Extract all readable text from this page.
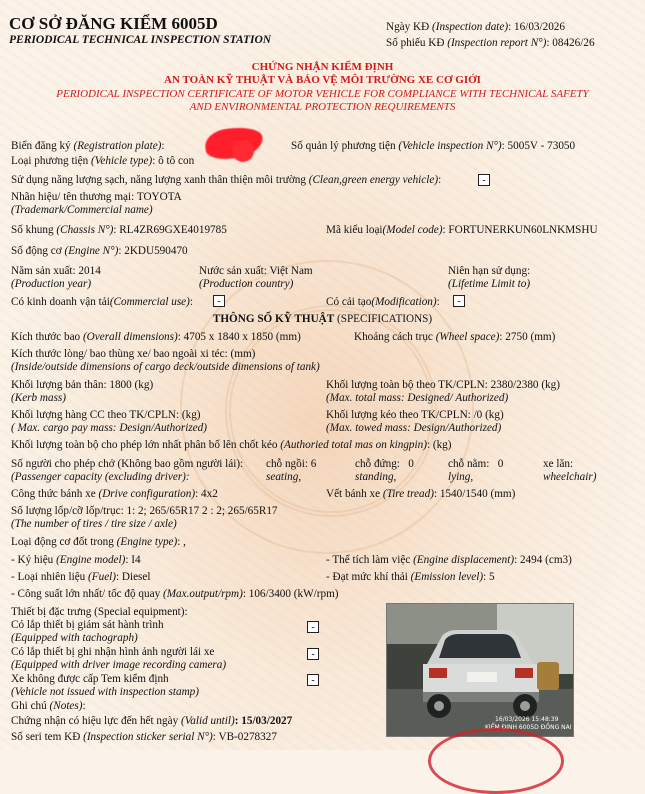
CƠ SỞ ĐĂNG KIỂM 6005D
PERIODICAL TECHNICAL INSPECTION STATION
Ngày KĐ (Inspection date): 16/03/2026
Số phiếu KĐ (Inspection report N°): 08426/26
CHỨNG NHẬN KIỂM ĐỊNH
AN TOÀN KỸ THUẬT VÀ BẢO VỆ MÔI TRƯỜNG XE CƠ GIỚI
PERIODICAL INSPECTION CERTIFICATE OF MOTOR VEHICLE FOR COMPLIANCE WITH TECHNICAL SAFETY
AND ENVIRONMENTAL PROTECTION REQUIREMENTS
Biển đăng ký (Registration plate):	Số quản lý phương tiện (Vehicle inspection N°): 5005V - 73050
Loại phương tiện (Vehicle type): ô tô con
Sử dụng năng lượng sạch, năng lượng xanh thân thiện môi trường (Clean,green energy vehicle):	-
Nhãn hiệu/ tên thương mại: TOYOTA
(Trademark/Commercial name)
Số khung (Chassis N°): RL4ZR69GXE4019785	Mã kiểu loại(Model code): FORTUNERKUN60LNKMSHU
Số động cơ (Engine N°): 2KDU590470
Năm sản xuất: 2014
(Production year)
Nước sản xuất: Việt Nam
(Production country)
Niên hạn sử dụng:
(Lifetime Limit to)
Có kinh doanh vận tải(Commercial use):	-	Có cải tạo(Modification):	-
THÔNG SỐ KỸ THUẬT (SPECIFICATIONS)
Kích thước bao (Overall dimensions): 4705 x 1840 x 1850 (mm)	Khoảng cách trục (Wheel space): 2750 (mm)
Kích thước lòng/ bao thùng xe/ bao ngoài xi téc: (mm)
(Inside/outside dimensions of cargo deck/outside dimensions of tank)
Khối lượng bản thân: 1800 (kg)
(Kerb mass)
Khối lượng toàn bộ theo TK/CPLN: 2380/2380 (kg)
(Max. total mass: Designed/ Authorized)
Khối lượng hàng CC theo TK/CPLN: (kg)
( Max. cargo pay mass: Design/Authorized)
Khối lượng kéo theo TK/CPLN: /0 (kg)
(Max. towed mass: Design/Authorized)
Khối lượng toàn bộ cho phép lớn nhất phân bố lên chốt kéo (Authoried total mas on kingpin): (kg)
Số người cho phép chở (Không bao gồm người lái):
(Passenger capacity (excluding driver):
chỗ ngồi: 6
seating,
chỗ đứng: 0
standing,
chỗ nằm: 0
lying,
xe lăn:
wheelchair)
Công thức bánh xe (Drive configuration): 4x2	Vết bánh xe (Tire tread): 1540/1540 (mm)
Số lượng lốp/cỡ lốp/trục: 1: 2; 265/65R17 2 : 2; 265/65R17
(The number of tires / tire size / axle)
Loại động cơ đốt trong (Engine type): ,
- Ký hiệu (Engine model): I4	- Thể tích làm việc (Engine displacement): 2494 (cm3)
- Loại nhiên liệu (Fuel): Diesel	- Đạt mức khí thải (Emission level): 5
- Công suất lớn nhất/ tốc độ quay (Max.output/rpm): 106/3400 (kW/rpm)
Thiết bị đặc trưng (Special equipment):
Có lắp thiết bị giám sát hành trình
(Equipped with tachograph)
-
Có lắp thiết bị ghi nhận hình ảnh người lái xe
(Equipped with driver image recording camera)
-
Xe không được cấp Tem kiểm định
(Vehicle not issued with inspection stamp)
-
Ghi chú (Notes):
Chứng nhận có hiệu lực đến hết ngày (Valid until): 15/03/2027
Số seri tem KĐ (Inspection sticker serial N°): VB-0278327
16/03/2026 15:48:39
KIỂM ĐỊNH 6005D ĐỒNG NAI
